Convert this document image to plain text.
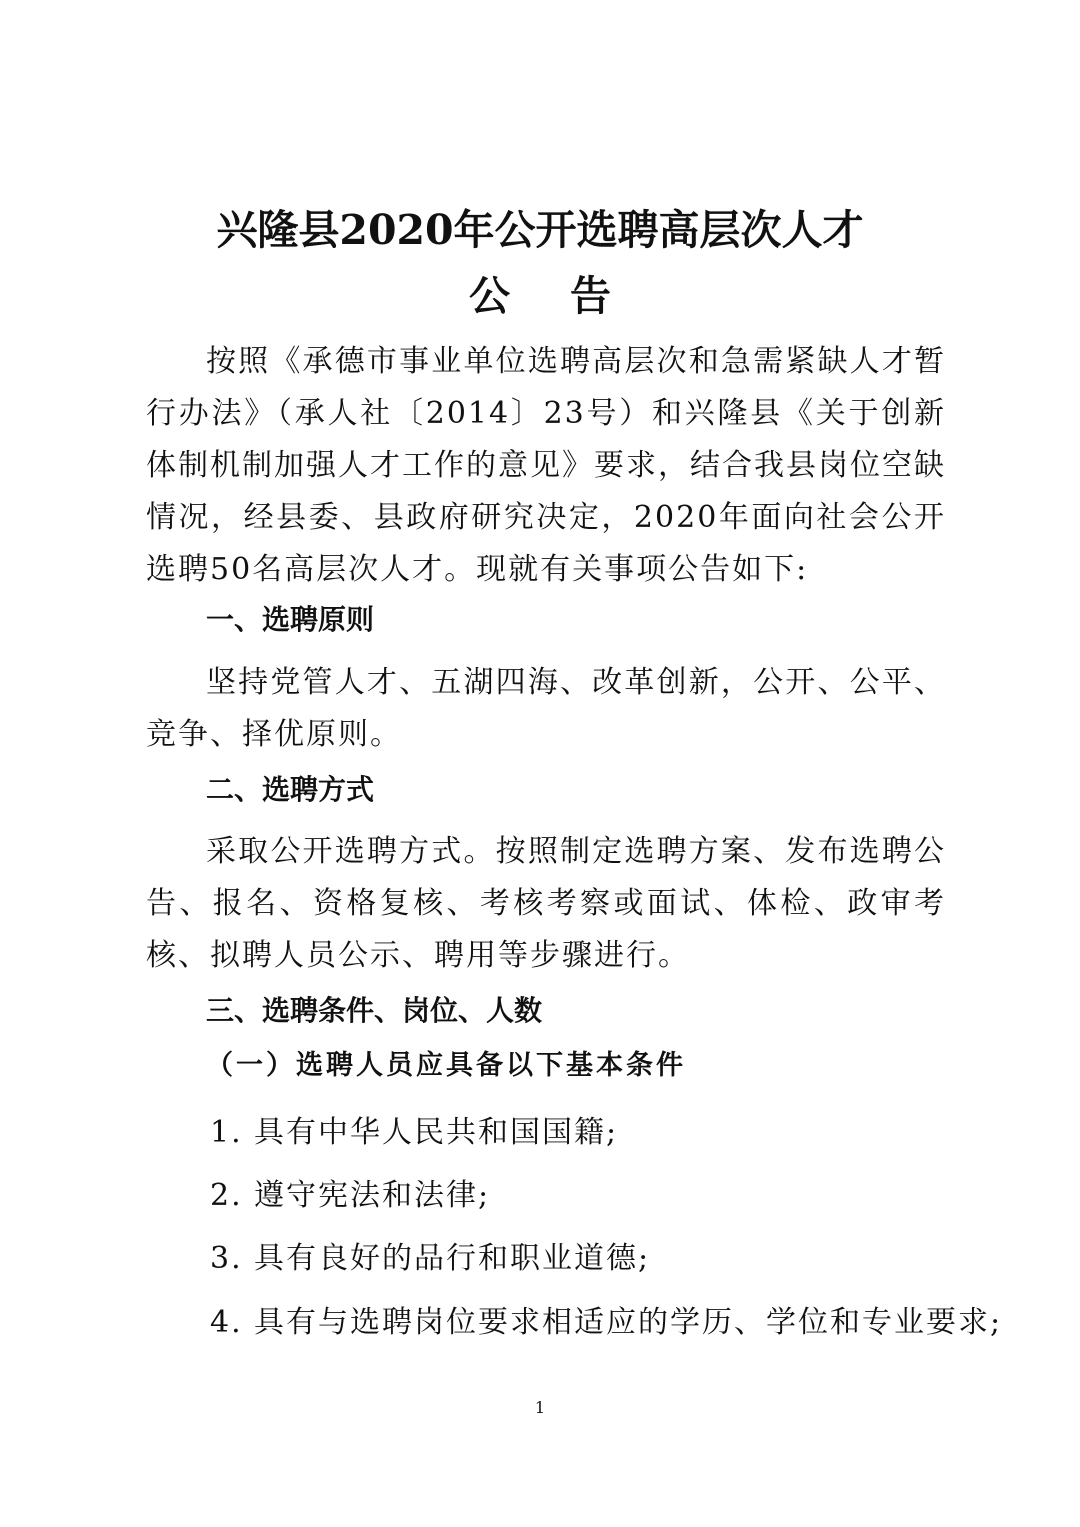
兴隆县2020年公开选聘高层次人才
公告

按照《承德市事业单位选聘高层次和急需紧缺人才暂行办法》（承人社〔2014〕23号）和兴隆县《关于创新体制机制加强人才工作的意见》要求，结合我县岗位空缺情况，经县委、县政府研究决定，2020年面向社会公开选聘50名高层次人才。现就有关事项公告如下:

一、选聘原则

坚持党管人才、五湖四海、改革创新，公开、公平、竞争、择优原则。

二、选聘方式

采取公开选聘方式。按照制定选聘方案、发布选聘公告、报名、资格复核、考核考察或面试、体检、政审考核、拟聘人员公示、聘用等步骤进行。

三、选聘条件、岗位、人数

（一）选聘人员应具备以下基本条件

1. 具有中华人民共和国国籍;

2. 遵守宪法和法律;

3. 具有良好的品行和职业道德;

4. 具有与选聘岗位要求相适应的学历、学位和专业要求;

1
